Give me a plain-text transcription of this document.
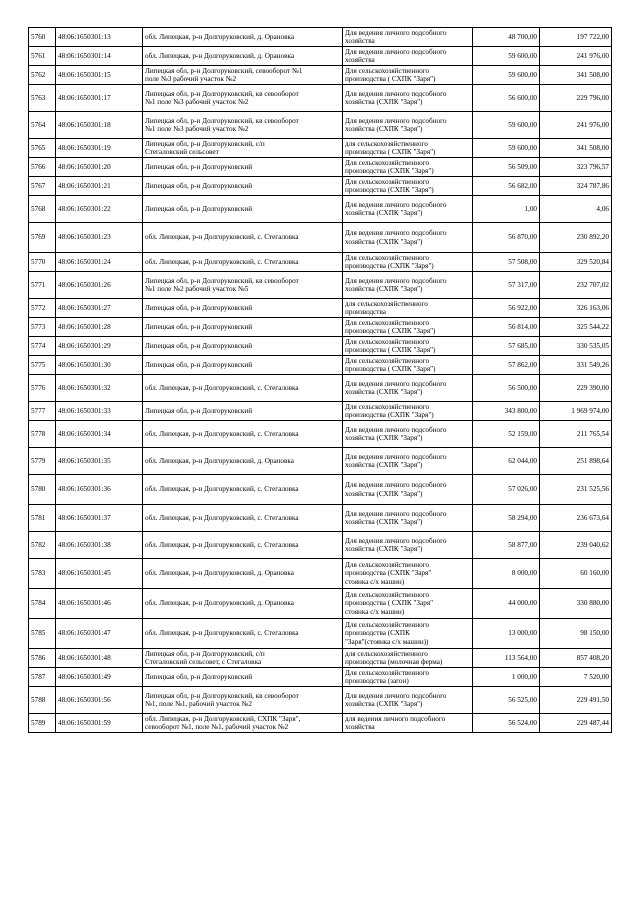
5760	48:06:1650301:13	обл. Липецкая, р-н Долгоруковский, д. Орановка	Для ведения личного подсобного
хозяйства	48 700,00	197 722,00
5761	48:06:1650301:14	обл. Липецкая, р-н Долгоруковский, д. Орановка	Для ведения личного подсобного
хозяйства	59 600,00	241 976,00
5762	48:06:1650301:15	Липецкая обл, р-н Долгоруковский, севооборот №1
поле №3 рабочий участок №2	Для сельскохозяйственного
производства ( СХПК "Заря")	59 600,00	341 508,00
5763	48:06:1650301:17	Липецкая обл, р-н Долгоруковский, кв севооборот
№1 поле №3 рабочий участок №2	Для ведения личного подсобного
хозяйства (СХПК "Заря")	56 600,00	229 796,00
5764	48:06:1650301:18	Липецкая обл, р-н Долгоруковский, кв севооборот
№1 поле №3 рабочий участок №2	Для ведения личного подсобного
хозяйства (СХПК "Заря")	59 600,00	241 976,00
5765	48:06:1650301:19	Липецкая обл, р-н Долгоруковский, с/п
Стегаловский сельсовет	для сельскохозяйственного
производства ( СХПК "Заря")	59 600,00	341 508,00
5766	48:06:1650301:20	Липецкая обл, р-н Долгоруковский	Для сельскохозяйственного
производства (СХПК "Заря")	56 509,00	323 796,57
5767	48:06:1650301:21	Липецкая обл, р-н Долгоруковский	Для сельскохозяйственного
производства (СХПК "Заря")	56 682,00	324 787,86
5768	48:06:1650301:22	Липецкая обл, р-н Долгоруковский	Для ведения личного подсобного
хозяйства (СХПК "Заря")	1,00	4,06
5769	48:06:1650301:23	обл. Липецкая, р-н Долгоруковский, с. Стегаловка	Для ведения личного подсобного
хозяйства (СХПК "Заря")	56 870,00	230 892,20
5770	48:06:1650301:24	обл. Липецкая, р-н Долгоруковский, с. Стегаловка	Для сельскохозяйственного
производства (СХПК "Заря")	57 508,00	329 520,84
5771	48:06:1650301:26	Липецкая обл, р-н Долгоруковский, кв севооборот
№1 поле №2 рабочий участок №5	Для ведения личного подсобного
хозяйства (СХПК "Заря")	57 317,00	232 707,02
5772	48:06:1650301:27	Липецкая обл, р-н Долгоруковский	для сельскохозяйственного
производства	56 922,00	326 163,06
5773	48:06:1650301:28	Липецкая обл, р-н Долгоруковский	Для сельскохозяйственного
производства ( СХПК "Заря")	56 814,00	325 544,22
5774	48:06:1650301:29	Липецкая обл, р-н Долгоруковский	Для сельскохозяйственного
производства ( СХПК "Заря")	57 685,00	330 535,05
5775	48:06:1650301:30	Липецкая обл, р-н Долгоруковский	Для сельскохозяйственного
производства ( СХПК "Заря")	57 862,00	331 549,26
5776	48:06:1650301:32	обл. Липецкая, р-н Долгоруковский, с. Стегаловка	Для ведения личного подсобного
хозяйства (СХПК "Заря")	56 500,00	229 390,00
5777	48:06:1650301:33	Липецкая обл, р-н Долгоруковский	Для сельскохозяйственного
производства (СХПК "Заря")	343 800,00	1 969 974,00
5778	48:06:1650301:34	обл. Липецкая, р-н Долгоруковский, с. Стегаловка	Для ведения личного подсобного
хозяйства (СХПК "Заря")	52 159,00	211 765,54
5779	48:06:1650301:35	обл. Липецкая, р-н Долгоруковский, д. Ораповка	Для ведения личного подсобного
хозяйства (СХПК "Заря")	62 044,00	251 898,64
5780	48:06:1650301:36	обл. Липецкая, р-н Долгоруковский, с. Стегаловка	Для ведения личного подсобного
хозяйства (СХПК "Заря")	57 026,00	231 525,56
5781	48:06:1650301:37	обл. Липецкая, р-н Долгоруковский, с. Стегаловка	Для ведения личного подсобного
хозяйства (СХПК "Заря")	58 294,00	236 673,64
5782	48:06:1650301:38	обл. Липецкая, р-н Долгоруковский, с. Стегаловка	Для ведения личного подсобного
хозяйства (СХПК "Заря")	58 877,00	239 040,62
5783	48:06:1650301:45	обл. Липецкая, р-н Долгоруковский, д. Ораповка	Для сельскохозяйственного
производства (СХПК "Заря"
стоянка с/х машин)	8 000,00	60 160,00
5784	48:06:1650301:46	обл. Липецкая, р-н Долгоруковский, д. Ораповка	Для сельскохозяйственного
производства ( СХПК "Заря"
стоянка с/х машин)	44 000,00	330 880,00
5785	48:06:1650301:47	обл. Липецкая, р-н Долгоруковский, с. Стегаловка	Для сельскохозяйственного
производства (СХПК
"Заря"(стоянка с/х машин))	13 000,00	98 150,00
5786	48:06:1650301:48	Липецкая обл, р-н Долгоруковский, с/п
Стегаловский сельсовет, с Стегаловка	для сельскохозяйственного
производства (молочная ферма)	113 564,00	857 408,20
5787	48:06:1650301:49	Липецкая обл, р-н Долгоруковский	Для сельскохозяйственного
производства (загон)	1 000,00	7 520,00
5788	48:06:1650301:56	Липецкая обл, р-н Долгоруковский, кв севооборот
№1, поле №1, рабочий участок №2	Для ведения личного подсобного
хозяйства (СХПК "Заря")	56 525,00	229 491,50
5789	48:06:1650301:59	обл. Липецкая, р-н Долгоруковский, СХПК "Заря",
севооборот №1, поле №1, рабочий участок №2	для ведения личного подсобного
хозяйства	56 524,00	229 487,44
